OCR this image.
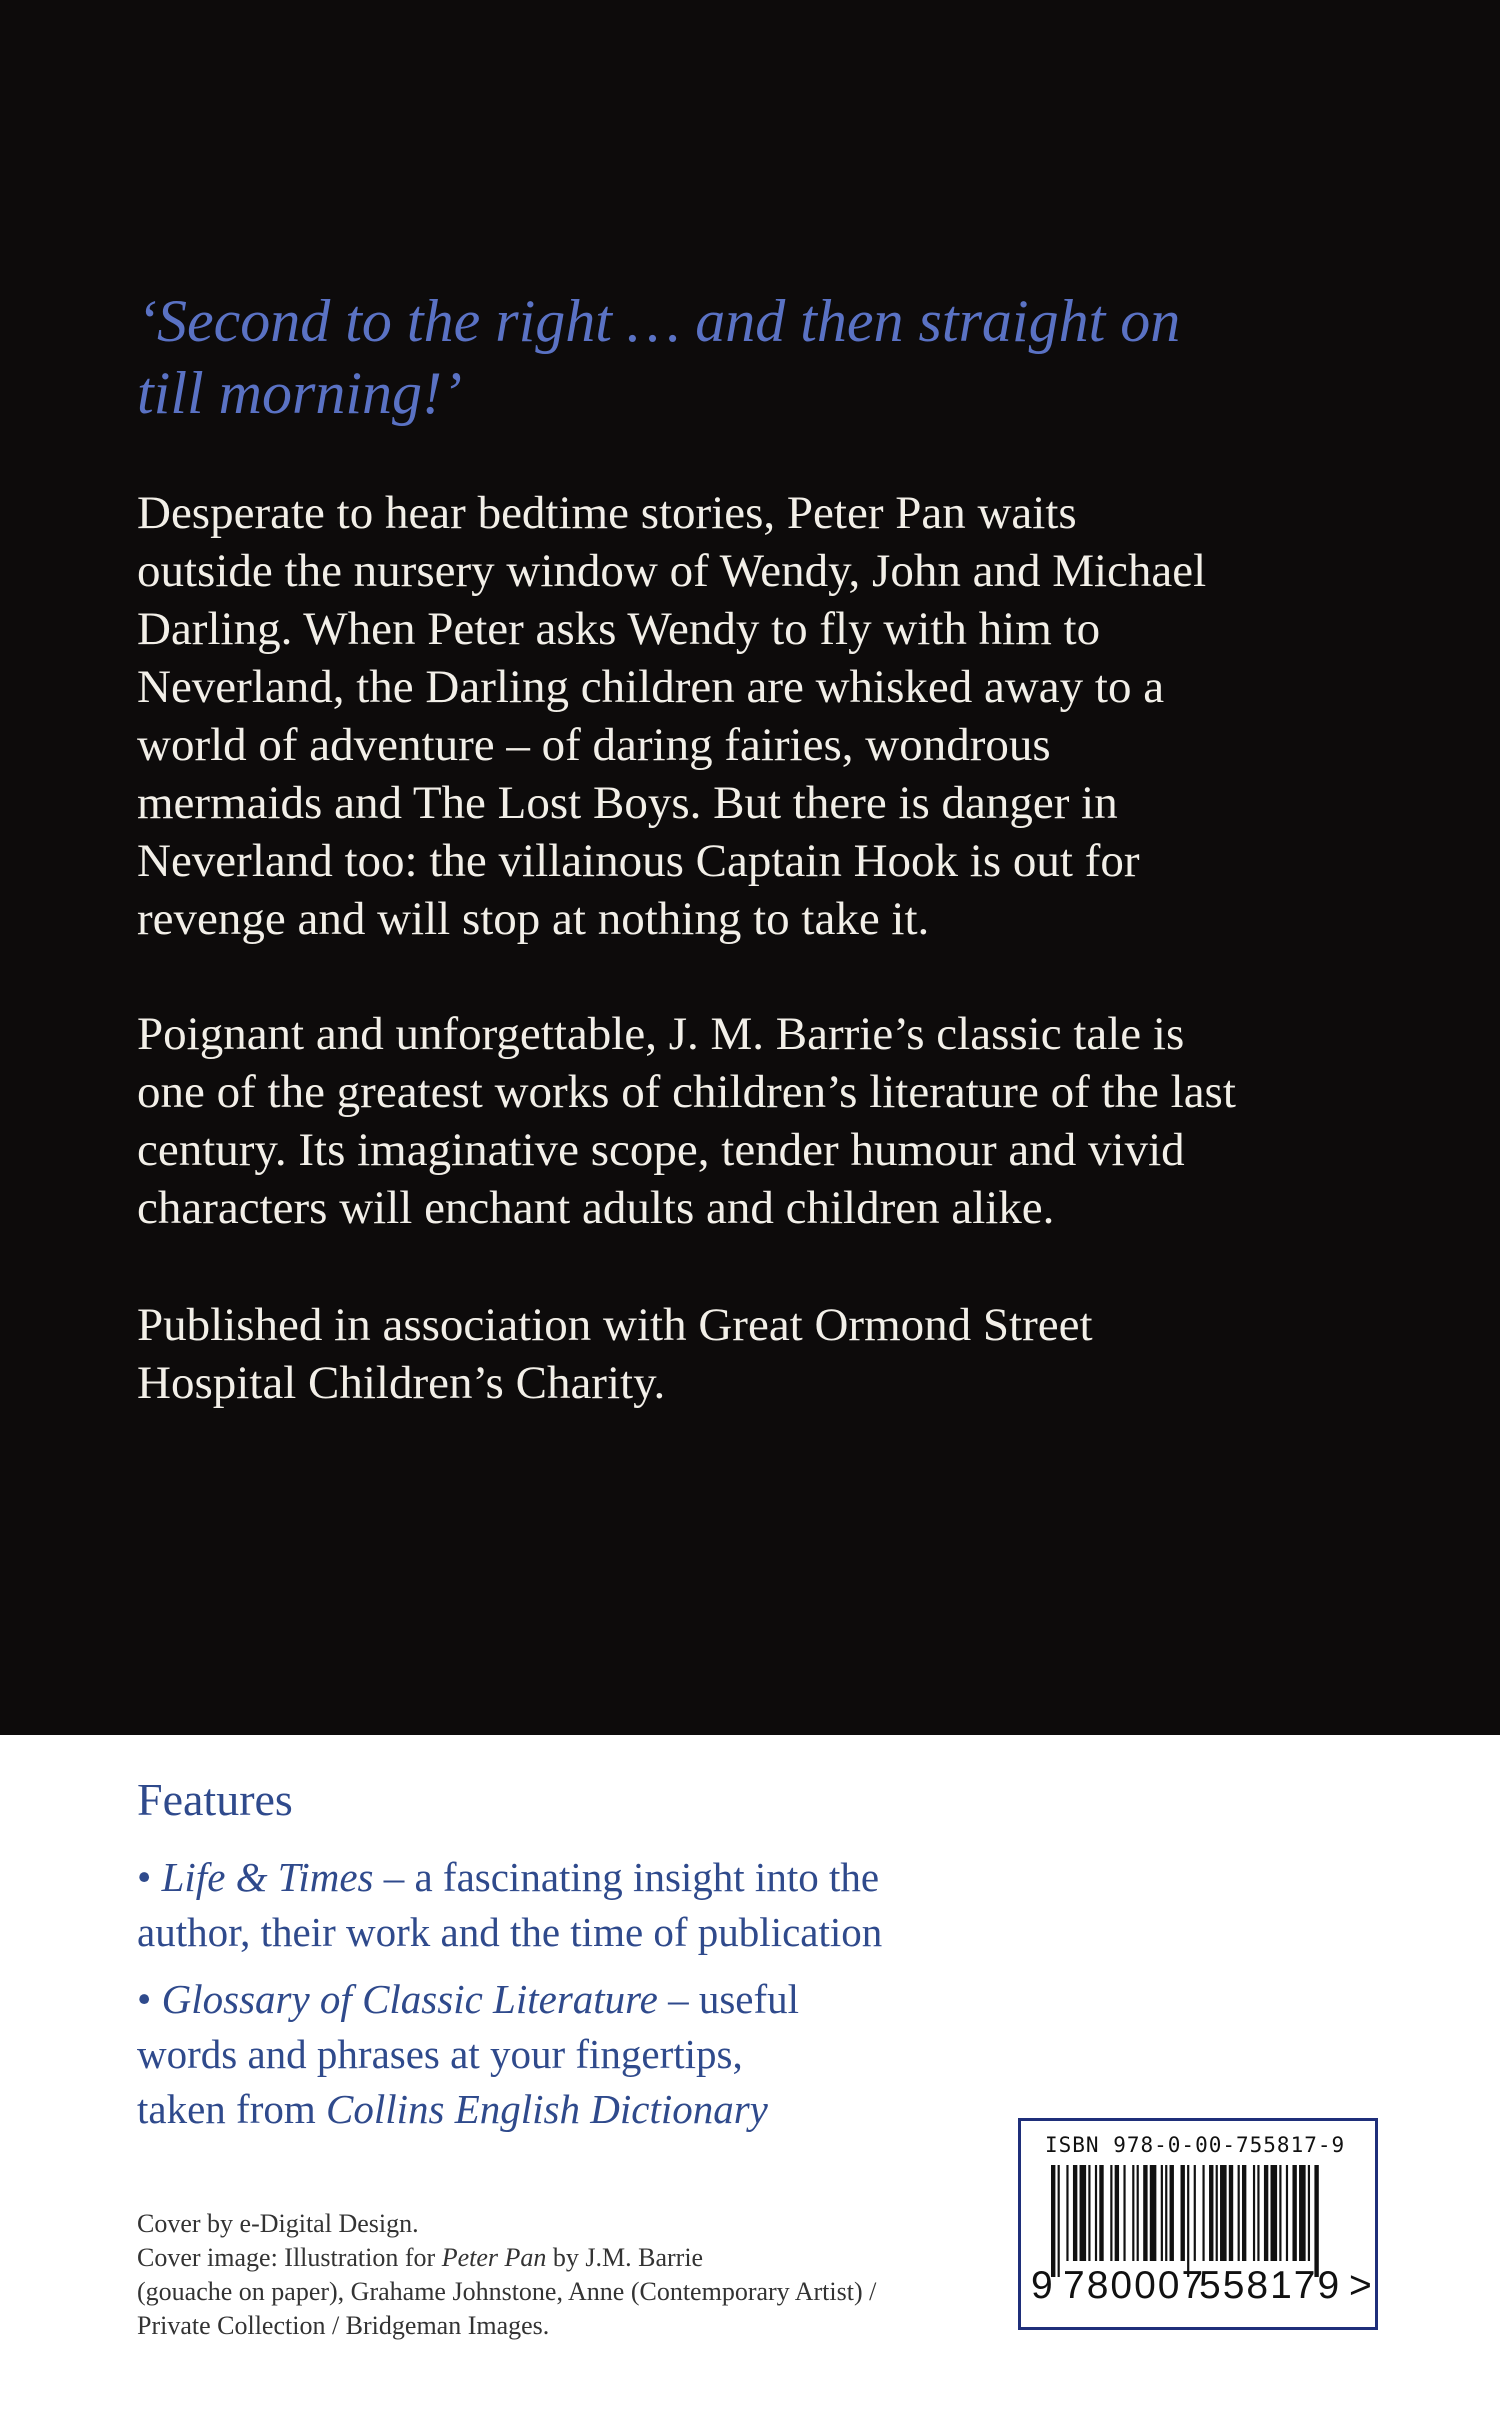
‘Second to the right … and then straight on
till morning!’

Desperate to hear bedtime stories, Peter Pan waits
outside the nursery window of Wendy, John and Michael
Darling. When Peter asks Wendy to fly with him to
Neverland, the Darling children are whisked away to a
world of adventure – of daring fairies, wondrous
mermaids and The Lost Boys. But there is danger in
Neverland too: the villainous Captain Hook is out for
revenge and will stop at nothing to take it.

Poignant and unforgettable, J. M. Barrie’s classic tale is
one of the greatest works of children’s literature of the last
century. Its imaginative scope, tender humour and vivid
characters will enchant adults and children alike.

Published in association with Great Ormond Street
Hospital Children’s Charity.

Features

• Life & Times – a fascinating insight into the
author, their work and the time of publication

• Glossary of Classic Literature – useful
words and phrases at your fingertips,
taken from Collins English Dictionary

Cover by e-Digital Design.
Cover image: Illustration for Peter Pan by J.M. Barrie
(gouache on paper), Grahame Johnstone, Anne (Contemporary Artist) /
Private Collection / Bridgeman Images.

ISBN 978-0-00-755817-9
9 780007
558179 >
